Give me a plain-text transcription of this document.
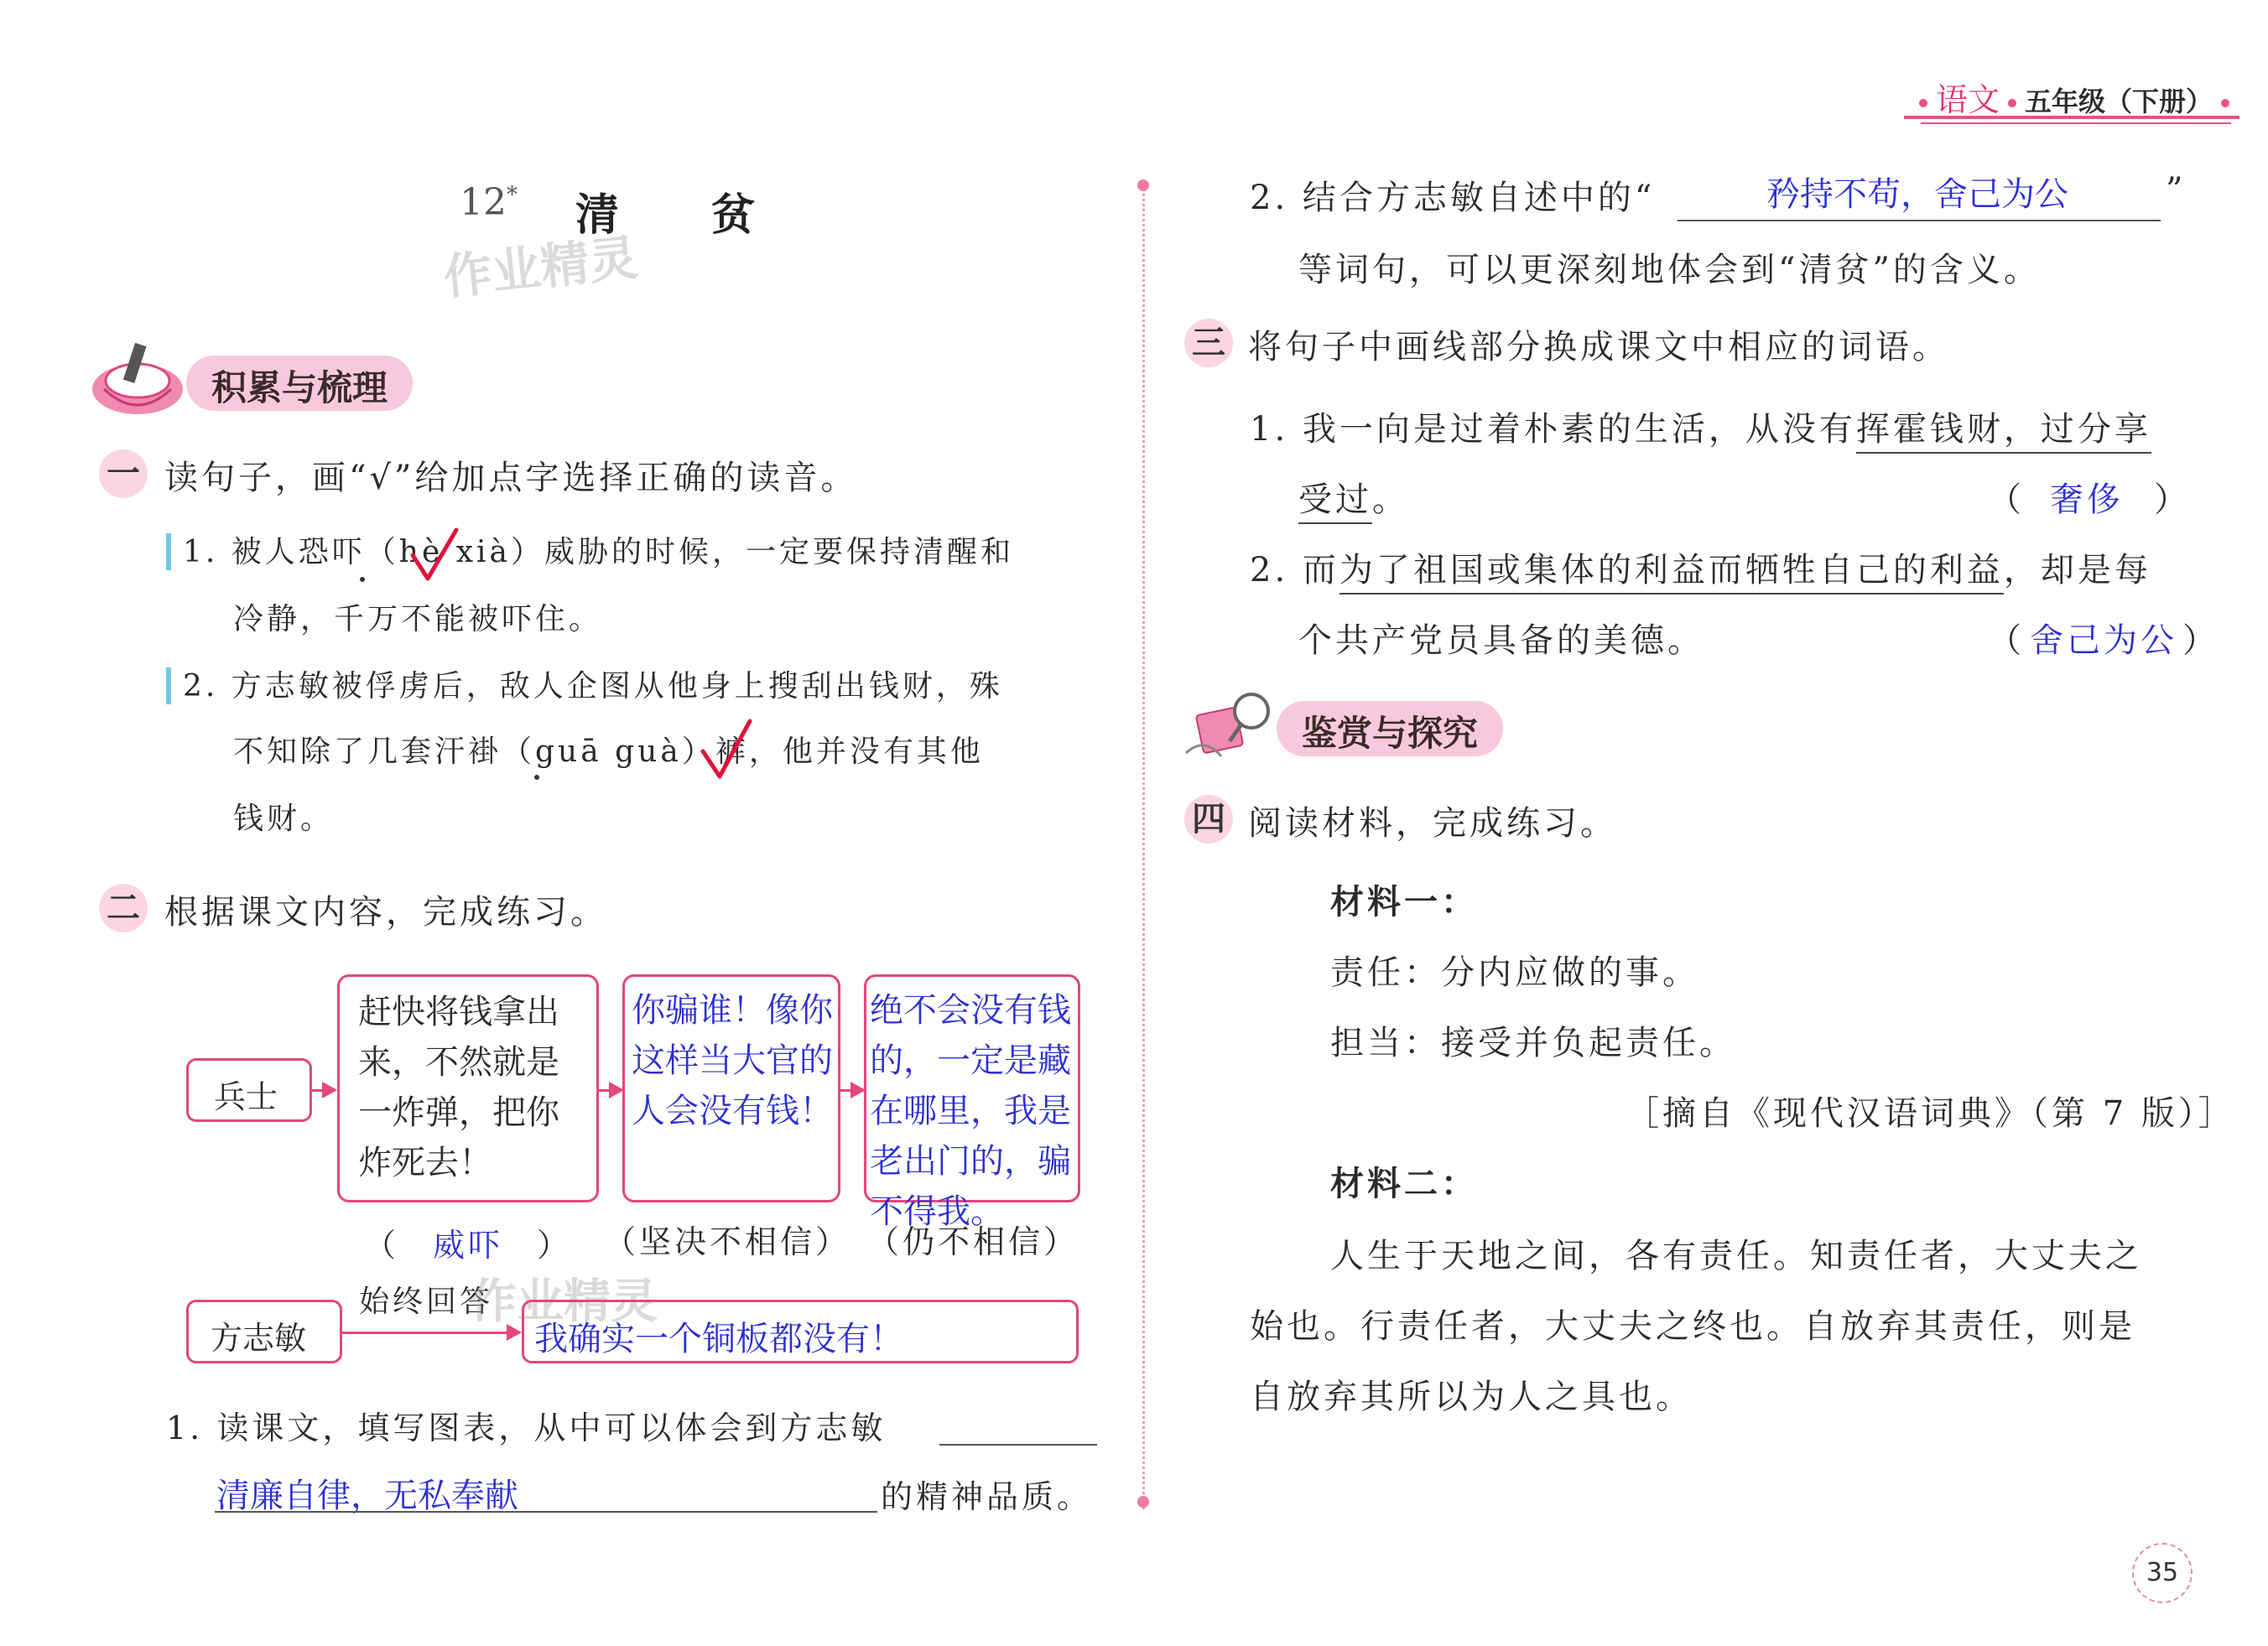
语文 五年级（下册）
12* 清贫
作业精灵
积累与梳理
一 读句子，画“√”给加点字选择正确的读音。
1. 被人恐吓（hè xià）威胁的时候，一定要保持清醒和
冷静，千万不能被吓住。
2. 方志敏被俘虏后，敌人企图从他身上搜刮出钱财，殊
不知除了几套汗褂（guā guà）裤，他并没有其他
钱财。
二 根据课文内容，完成练习。
兵士
赶快将钱拿出来，不然就是一炸弹，把你炸死去！
你骗谁！像你这样当大官的人会没有钱！
绝不会没有钱的，一定是藏在哪里，我是老出门的，骗不得我。
（ 威吓 ） （坚决不相信） （仍不相信）
方志敏
始终回答
作业精灵
我确实一个铜板都没有！
1. 读课文，填写图表，从中可以体会到方志敏
清廉自律，无私奉献	的精神品质。
2. 结合方志敏自述中的“	矜持不苟，舍己为公	”
等词句，可以更深刻地体会到“清贫”的含义。
三 将句子中画线部分换成课文中相应的词语。
1. 我一向是过着朴素的生活，从没有挥霍钱财，过分享
受过。	（ 奢侈 ）
2. 而为了祖国或集体的利益而牺牲自己的利益，却是每
个共产党员具备的美德。	（ 舍己为公 ）
鉴赏与探究
四 阅读材料，完成练习。
材料一：
责任：分内应做的事。
担当：接受并负起责任。
［摘自《现代汉语词典》（第 7 版）］
材料二：
人生于天地之间，各有责任。知责任者，大丈夫之
始也。行责任者，大丈夫之终也。自放弃其责任，则是
自放弃其所以为人之具也。
35
